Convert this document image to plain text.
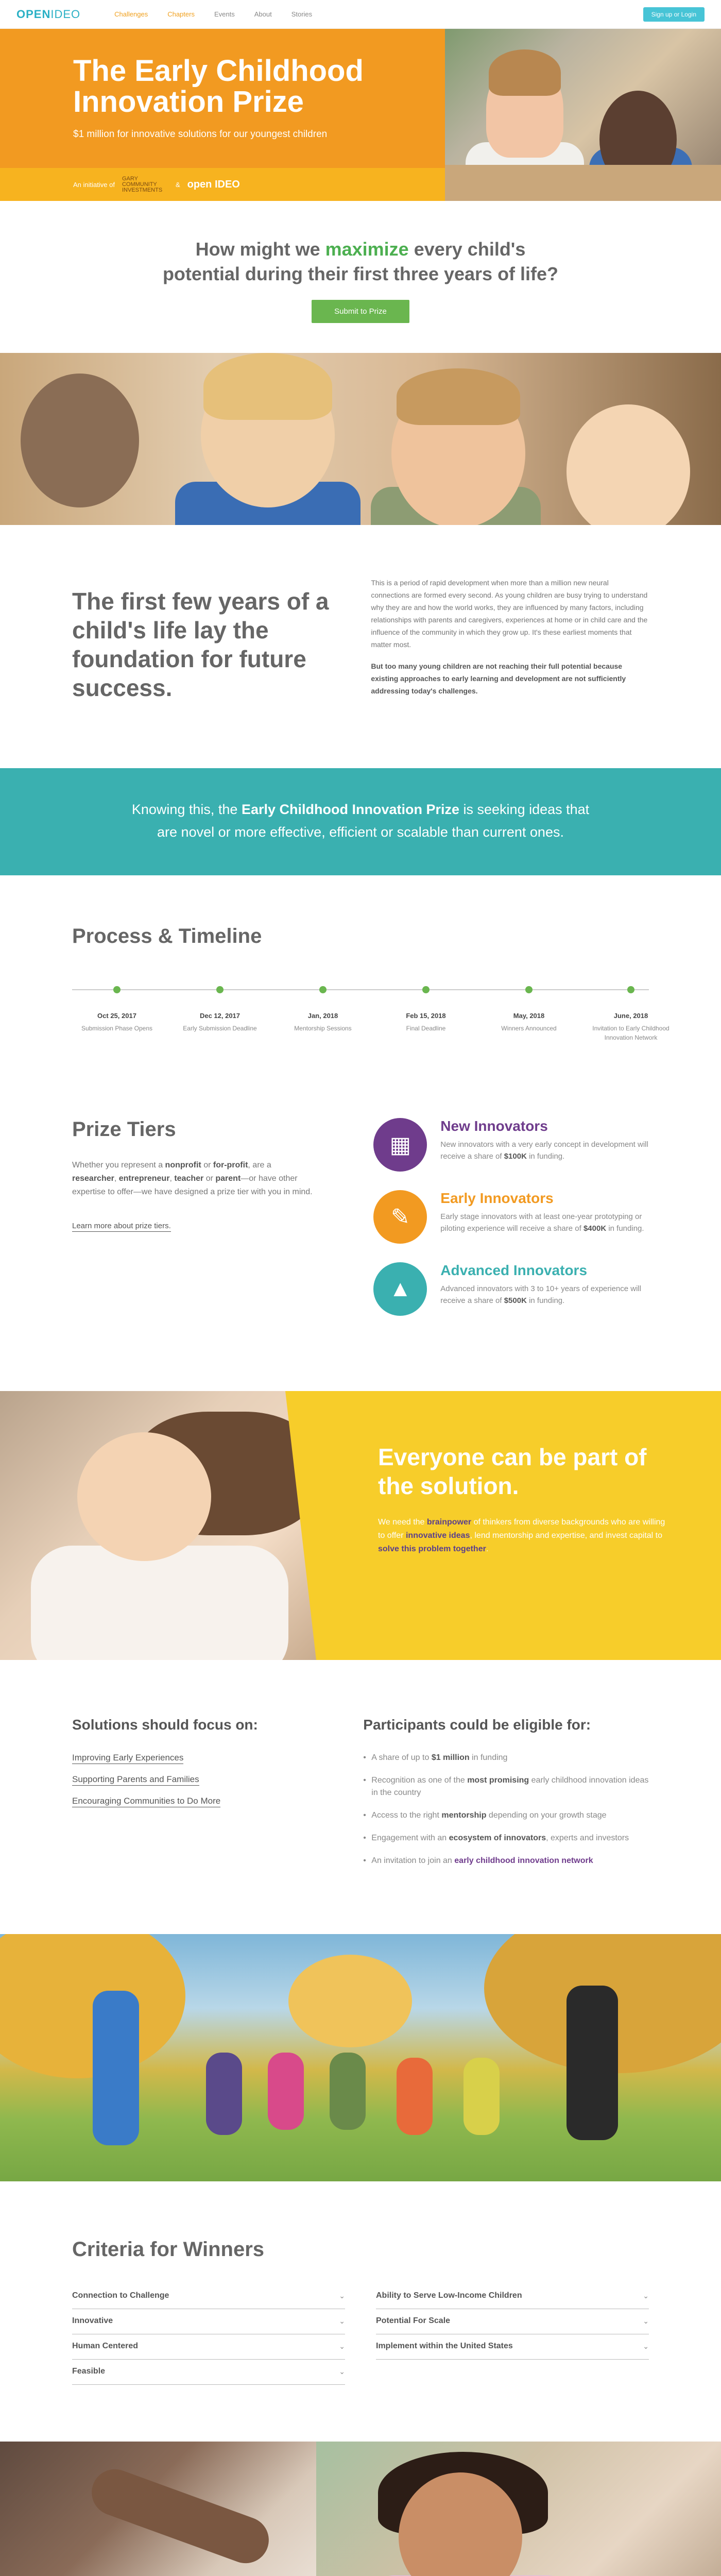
OPENIDEO	Challenges	Chapters	Events	About	Stories	Sign up or Login
The Early Childhood Innovation Prize
$1 million for innovative solutions for our youngest children
An initiative of
GARY COMMUNITY INVESTMENTS
& open IDEO
How might we maximize every child's
potential during their first three years of life?
Submit to Prize
The first few years of a child's life lay the foundation for future success.

This is a period of rapid development when more than a million new neural connections are formed every second. As young children are busy trying to understand why they are and how the world works, they are influenced by many factors, including relationships with parents and caregivers, experiences at home or in child care and the influence of the community in which they grow up. It's these earliest moments that matter most.

But too many young children are not reaching their full potential because existing approaches to early learning and development are not sufficiently addressing today's challenges.

Knowing this, the Early Childhood Innovation Prize is seeking ideas that
are novel or more effective, efficient or scalable than current ones.
Process & Timeline
Oct 25, 2017
Submission Phase Opens
Dec 12, 2017
Early Submission Deadline
Jan, 2018
Mentorship Sessions
Feb 15, 2018
Final Deadline
May, 2018
Winners Announced
June, 2018
Invitation to Early Childhood Innovation Network
Prize Tiers
Whether you represent a nonprofit or for-profit, are a researcher, entrepreneur, teacher or parent—or have other expertise to offer—we have designed a prize tier with you in mind.
Learn more about prize tiers.
▦
New Innovators
New innovators with a very early concept in development will receive a share of $100K in funding.
✎
Early Innovators
Early stage innovators with at least one-year prototyping or piloting experience will receive a share of $400K in funding.
▲
Advanced Innovators
Advanced innovators with 3 to 10+ years of experience will receive a share of $500K in funding.
Everyone can be part of the solution.
We need the brainpower of thinkers from diverse backgrounds who are willing to offer innovative ideas, lend mentorship and expertise, and invest capital to solve this problem together.
Solutions should focus on:
Improving Early Experiences
Supporting Parents and Families
Encouraging Communities to Do More
Participants could be eligible for:
• A share of up to $1 million in funding
• Recognition as one of the most promising early childhood innovation ideas in the country
• Access to the right mentorship depending on your growth stage
• Engagement with an ecosystem of innovators, experts and investors
• An invitation to join an early childhood innovation network
Criteria for Winners
Connection to Challenge	⌄
Innovative	⌄
Human Centered	⌄
Feasible	⌄
Ability to Serve Low-Income Children	⌄
Potential For Scale	⌄
Implement within the United States	⌄
